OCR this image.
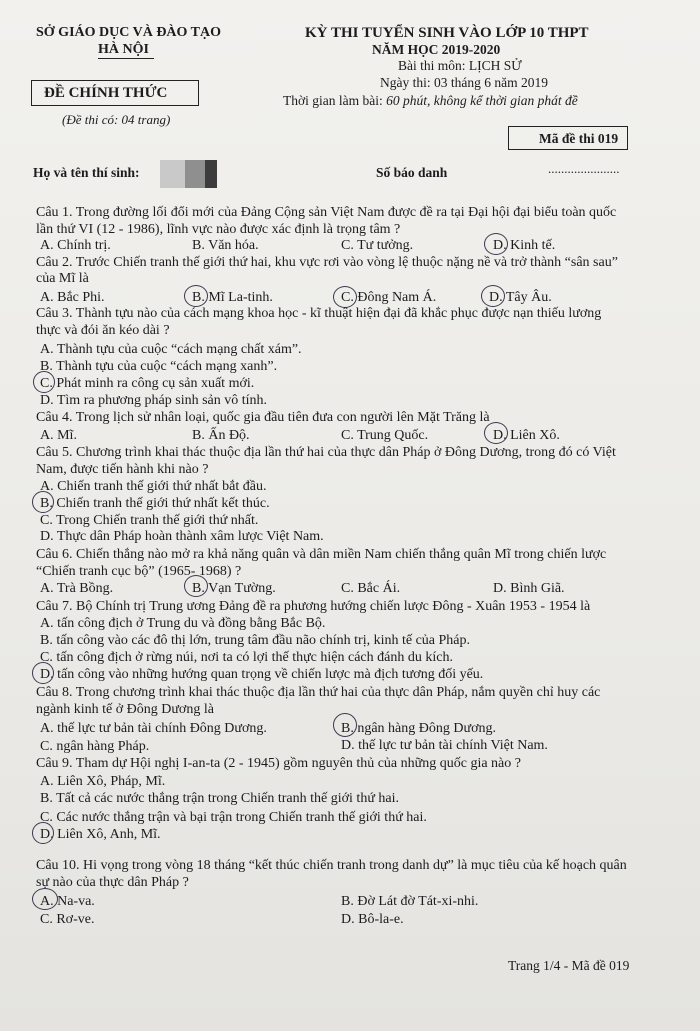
SỞ GIÁO DỤC VÀ ĐÀO TẠO
HÀ NỘI
ĐỀ CHÍNH THỨC
(Đề thi có: 04 trang)
KỲ THI TUYỂN SINH VÀO LỚP 10 THPT
NĂM HỌC 2019-2020
Bài thi môn: LỊCH SỬ
Ngày thi: 03 tháng 6 năm 2019
Thời gian làm bài: 60 phút, không kể thời gian phát đề
Mã đề thi 019
Họ và tên thí sinh:	Số báo danh	......................
Câu 1. Trong đường lối đổi mới của Đảng Cộng sản Việt Nam được đề ra tại Đại hội đại biểu toàn quốc
lần thứ VI (12 - 1986), lĩnh vực nào được xác định là trọng tâm ?
A. Chính trị.	B. Văn hóa.	C. Tư tưởng.	D. Kinh tế.
Câu 2. Trước Chiến tranh thế giới thứ hai, khu vực rơi vào vòng lệ thuộc nặng nề và trở thành “sân sau”
của Mĩ là
A. Bắc Phi.	B. Mĩ La-tinh.	C. Đông Nam Á.	D. Tây Âu.
Câu 3. Thành tựu nào của cách mạng khoa học - kĩ thuật hiện đại đã khắc phục được nạn thiếu lương
thực và đói ăn kéo dài ?
A. Thành tựu của cuộc “cách mạng chất xám”.
B. Thành tựu của cuộc “cách mạng xanh”.
C. Phát minh ra công cụ sản xuất mới.
D. Tìm ra phương pháp sinh sản vô tính.
Câu 4. Trong lịch sử nhân loại, quốc gia đầu tiên đưa con người lên Mặt Trăng là
A. Mĩ.	B. Ấn Độ.	C. Trung Quốc.	D. Liên Xô.
Câu 5. Chương trình khai thác thuộc địa lần thứ hai của thực dân Pháp ở Đông Dương, trong đó có Việt
Nam, được tiến hành khi nào ?
A. Chiến tranh thế giới thứ nhất bắt đầu.
B. Chiến tranh thế giới thứ nhất kết thúc.
C. Trong Chiến tranh thế giới thứ nhất.
D. Thực dân Pháp hoàn thành xâm lược Việt Nam.
Câu 6. Chiến thắng nào mở ra khả năng quân và dân miền Nam chiến thắng quân Mĩ trong chiến lược
“Chiến tranh cục bộ” (1965- 1968) ?
A. Trà Bồng.	B. Vạn Tường.	C. Bắc Ái.	D. Bình Giã.
Câu 7. Bộ Chính trị Trung ương Đảng đề ra phương hướng chiến lược Đông - Xuân 1953 - 1954 là
A. tấn công địch ở Trung du và đồng bằng Bắc Bộ.
B. tấn công vào các đô thị lớn, trung tâm đầu não chính trị, kinh tế của Pháp.
C. tấn công địch ở rừng núi, nơi ta có lợi thế thực hiện cách đánh du kích.
D. tấn công vào những hướng quan trọng về chiến lược mà địch tương đối yếu.
Câu 8. Trong chương trình khai thác thuộc địa lần thứ hai của thực dân Pháp, nắm quyền chỉ huy các
ngành kinh tế ở Đông Dương là
A. thế lực tư bản tài chính Đông Dương.	B. ngân hàng Đông Dương.
C. ngân hàng Pháp.	D. thế lực tư bản tài chính Việt Nam.
Câu 9. Tham dự Hội nghị I-an-ta (2 - 1945) gồm nguyên thủ của những quốc gia nào ?
A. Liên Xô, Pháp, Mĩ.
B. Tất cả các nước thắng trận trong Chiến tranh thế giới thứ hai.
C. Các nước thắng trận và bại trận trong Chiến tranh thế giới thứ hai.
D. Liên Xô, Anh, Mĩ.
Câu 10. Hi vọng trong vòng 18 tháng “kết thúc chiến tranh trong danh dự” là mục tiêu của kế hoạch quân
sự nào của thực dân Pháp ?
A. Na-va.	B. Đờ Lát đờ Tát-xi-nhi.
C. Rơ-ve.	D. Bô-la-e.
Trang 1/4 - Mã đề 019
